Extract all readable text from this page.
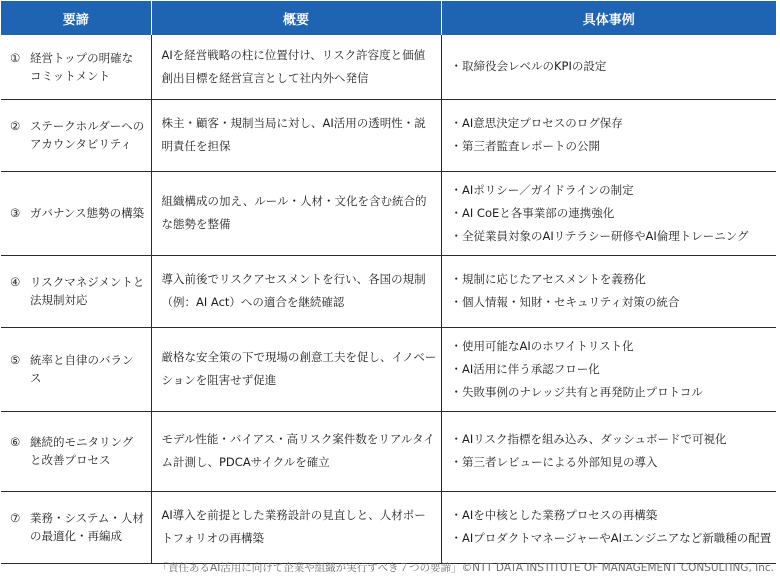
要諦	概要	具体事例

① 経営トップの明確なコミットメント	AIを経営戦略の柱に位置付け、リスク許容度と価値創出目標を経営宣言として社内外へ発信	・取締役会レベルのKPIの設定

② ステークホルダーへのアカウンタビリティ	株主・顧客・規制当局に対し、AI活用の透明性・説明責任を担保	・AI意思決定プロセスのログ保存
・第三者監査レポートの公開

③ ガバナンス態勢の構築	組織構成の加え、ルール・人材・文化を含む統合的な態勢を整備	・AIポリシー／ガイドラインの制定
・AI CoEと各事業部の連携強化
・全従業員対象のAIリテラシー研修やAI倫理トレーニング

④ リスクマネジメントと法規制対応	導入前後でリスクアセスメントを行い、各国の規制（例：AI Act）への適合を継続確認	・規制に応じたアセスメントを義務化
・個人情報・知財・セキュリティ対策の統合

⑤ 統率と自律のバランス	厳格な安全策の下で現場の創意工夫を促し、イノベーションを阻害せず促進	・使用可能なAIのホワイトリスト化
・AI活用に伴う承認フロー化
・失敗事例のナレッジ共有と再発防止プロトコル

⑥ 継続的モニタリングと改善プロセス	モデル性能・バイアス・高リスク案件数をリアルタイム計測し、PDCAサイクルを確立	・AIリスク指標を組み込み、ダッシュボードで可視化
・第三者レビューによる外部知見の導入

⑦ 業務・システム・人材の最適化・再編成	AI導入を前提とした業務設計の見直しと、人材ポートフォリオの再構築	・AIを中核とした業務プロセスの再構築
・AIプロダクトマネージャーやAIエンジニアなど新職種の配置
「責任あるAI活用に向けて企業や組織が実行すべき７つの要諦」©NTT DATA INSTITUTE OF MANAGEMENT CONSULTING, Inc.
